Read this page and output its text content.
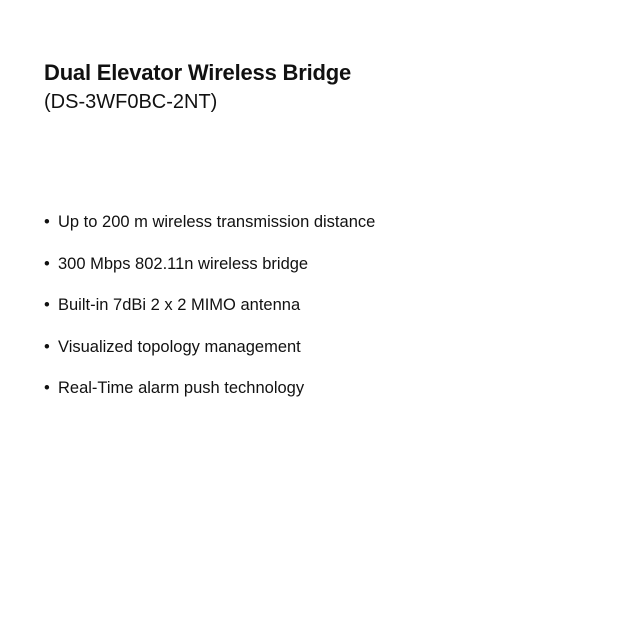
Dual Elevator Wireless Bridge

(DS-3WF0BC-2NT)

• Up to 200 m wireless transmission distance
• 300 Mbps 802.11n wireless bridge
• Built-in 7dBi 2 x 2 MIMO antenna
• Visualized topology management
• Real-Time alarm push technology
